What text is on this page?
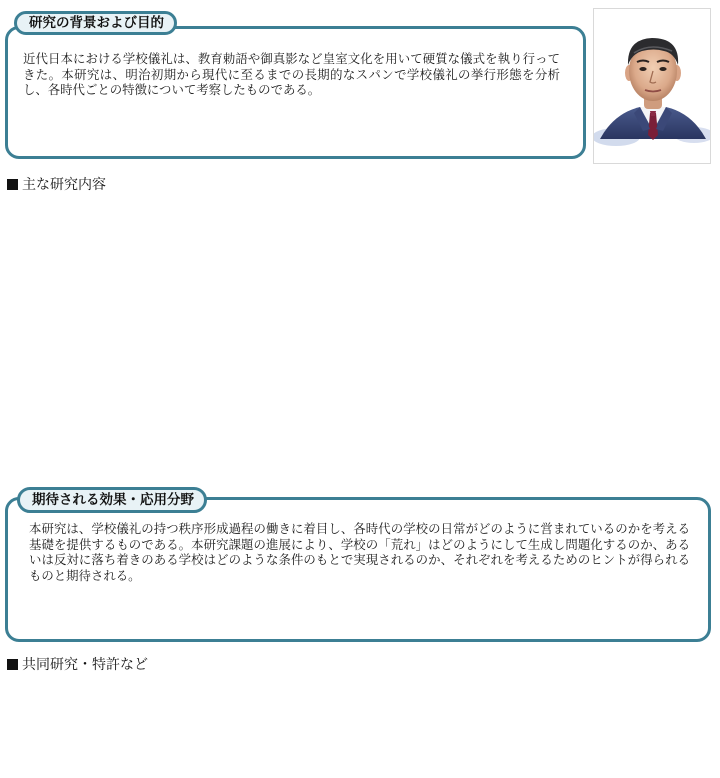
研究の背景および目的
近代日本における学校儀礼は、教育勅語や御真影など皇室文化を用いて硬質な儀式を執り行ってきた。本研究は、明治初期から現代に至るまでの長期的なスパンで学校儀礼の挙行形態を分析し、各時代ごとの特徴について考察したものである。
主な研究内容
期待される効果・応用分野
本研究は、学校儀礼の持つ秩序形成過程の働きに着目し、各時代の学校の日常がどのように営まれているのかを考える基礎を提供するものである。本研究課題の進展により、学校の「荒れ」はどのようにして生成し問題化するのか、あるいは反対に落ち着きのある学校はどのような条件のもとで実現されるのか、それぞれを考えるためのヒントが得られるものと期待される。
共同研究・特許など
